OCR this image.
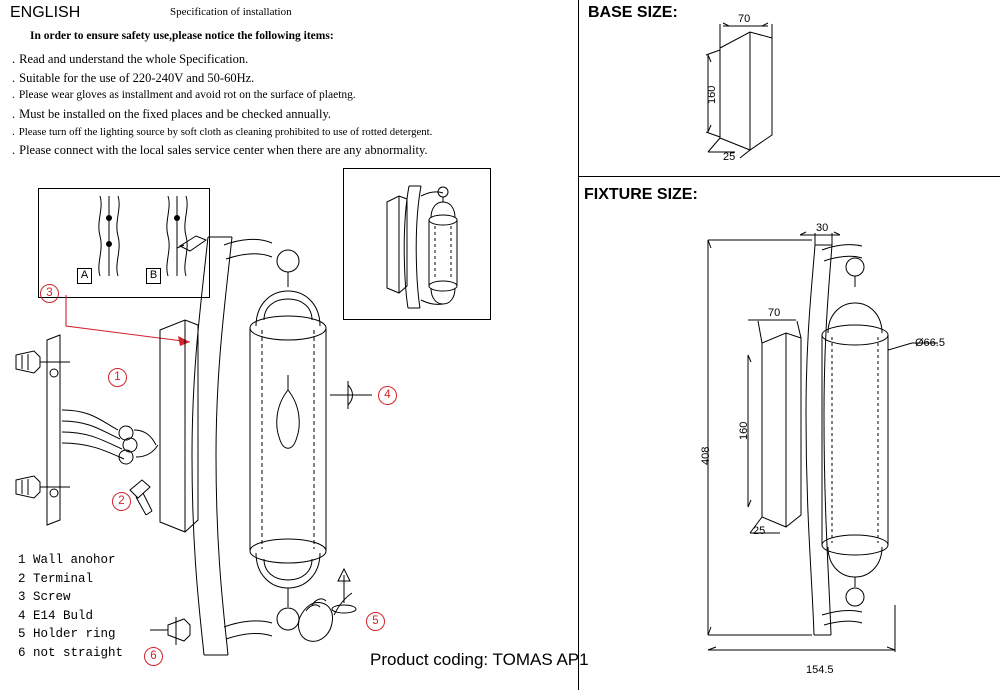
ENGLISH	Specification of installation
In order to ensure safety use,please notice the following items:
. Read and understand the whole Specification.
. Suitable for the use of 220-240V and 50-60Hz.
. Please wear gloves as installment and avoid rot on the surface of plaetng.
. Must be installed on the fixed places and be checked annually.
. Please turn off the lighting source by soft cloth as cleaning prohibited to use of rotted detergent.
. Please connect with the local sales service center when there are any abnormality.
BASE SIZE:
FIXTURE SIZE:
70
160
25
30
70
160
25
408
154.5
Ø66.5
A	B
3
1
2
4
5
6
1 Wall anohor
2 Terminal
3 Screw
4 E14 Buld
5 Holder ring
6 not straight	Product coding: TOMAS AP1
